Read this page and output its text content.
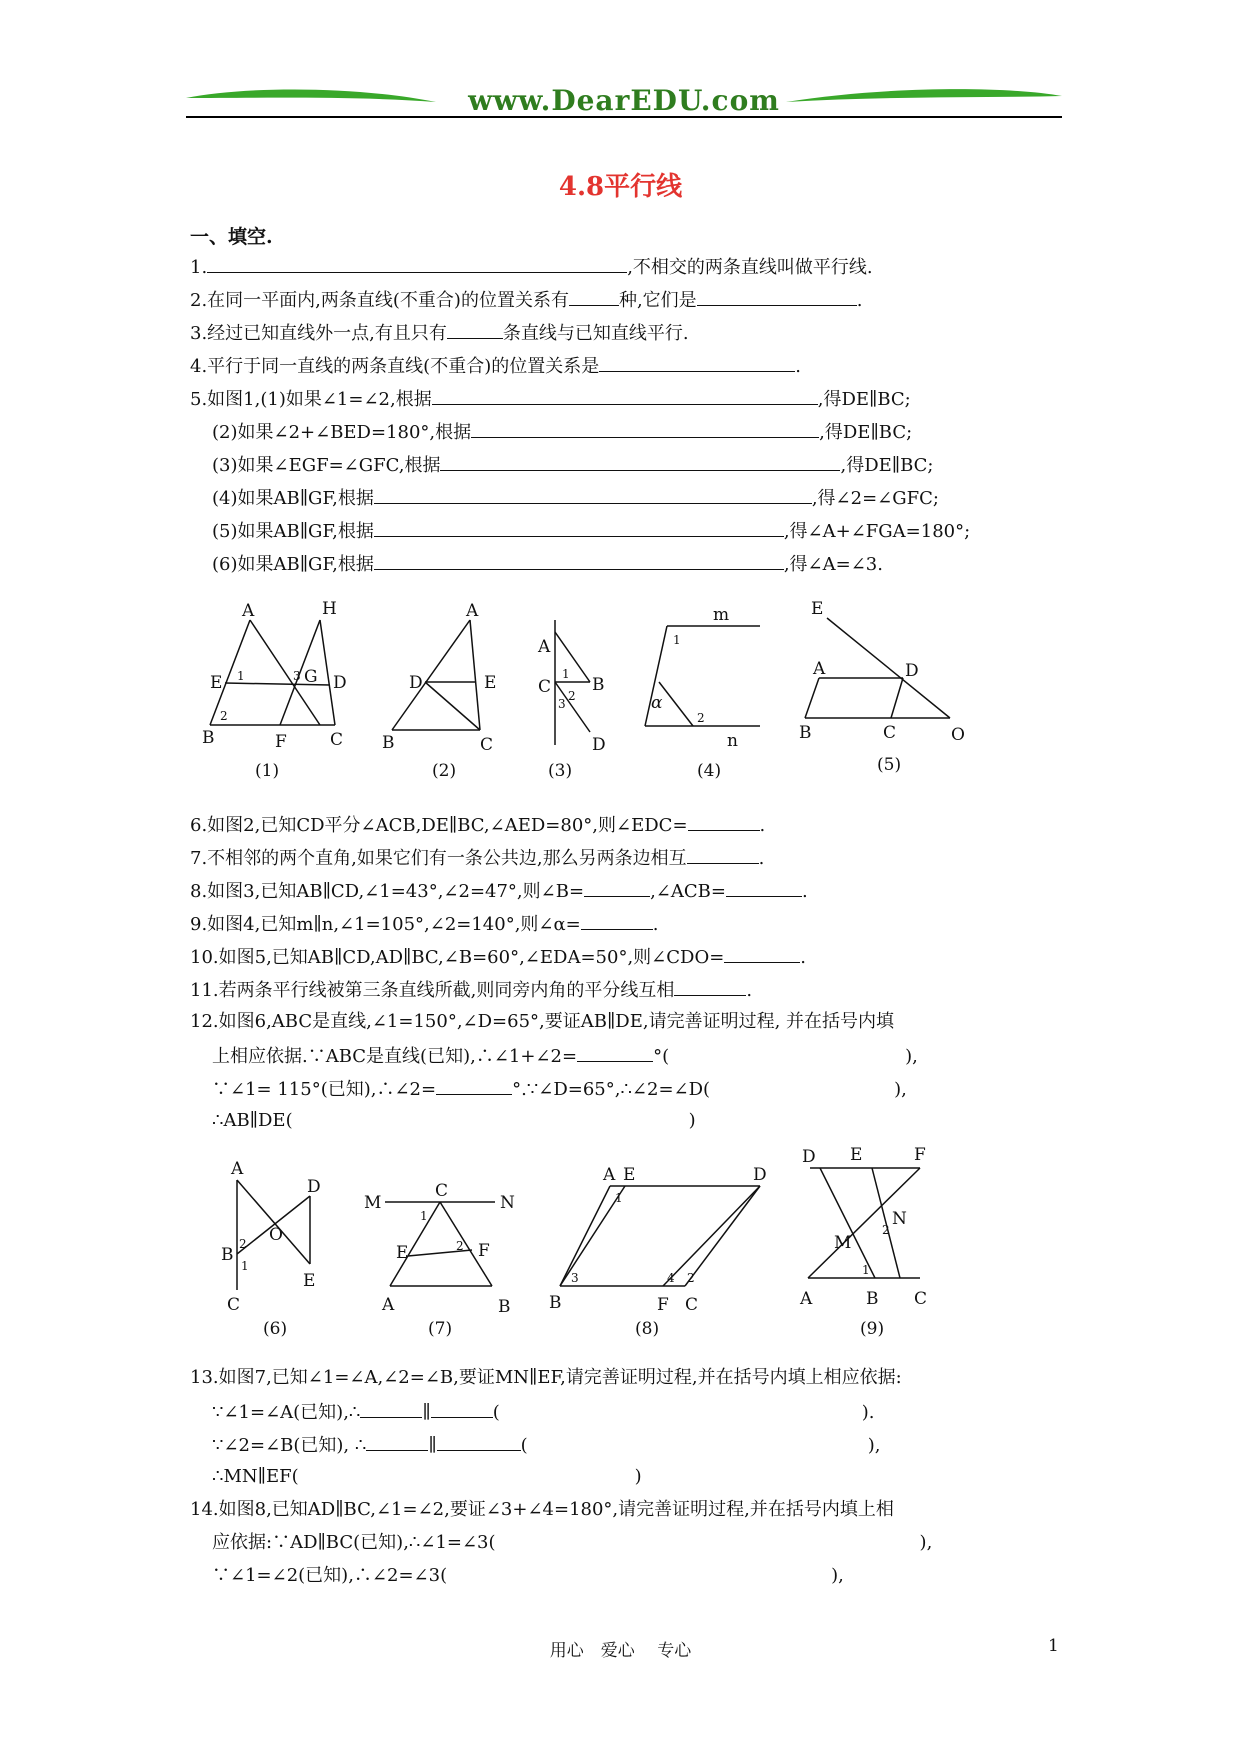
www.DearEDU.com
4.8平行线
一、填空.
1.	,不相交的两条直线叫做平行线.
2.在同一平面内,两条直线(不重合)的位置关系有	种,它们是	.
3.经过已知直线外一点,有且只有	条直线与已知直线平行.
4.平行于同一直线的两条直线(不重合)的位置关系是	.
5.如图1,(1)如果∠1=∠2,根据	,得DE∥BC;
(2)如果∠2+∠BED=180°,根据	,得DE∥BC;
(3)如果∠EGF=∠GFC,根据	,得DE∥BC;
(4)如果AB∥GF,根据	,得∠2=∠GFC;
(5)如果AB∥GF,根据	,得∠A+∠FGA=180°;
(6)如果AB∥GF,根据	,得∠A=∠3.
A	H
E	G D
B	F	C
1
2
3
(1)
A
D	E
B	C
(2)
A
B
C
D
1
2
3
(3)
m
n
α
1
2
(4)
E
A	D
B	C	O
(5)
6.如图2,已知CD平分∠ACB,DE∥BC,∠AED=80°,则∠EDC=	.
7.不相邻的两个直角,如果它们有一条公共边,那么另两条边相互	.
8.如图3,已知AB∥CD,∠1=43°,∠2=47°,则∠B=	,∠ACB=	.
9.如图4,已知m∥n,∠1=105°,∠2=140°,则∠α=	.
10.如图5,已知AB∥CD,AD∥BC,∠B=60°,∠EDA=50°,则∠CDO=	.
11.若两条平行线被第三条直线所截,则同旁内角的平分线互相	.
12.如图6,ABC是直线,∠1=150°,∠D=65°,要证AB∥DE,请完善证明过程, 并在括号内填
上相应依据.∵ABC是直线(已知),∴∠1+∠2=	°(	),
∵∠1= 115°(已知),∴∠2=	°.∵∠D=65°,∴∠2=∠D(	),
∴AB∥DE(	)
A
D
O
B
E
C
1
2
(6)
M
C
N
E	F
A	B
1
2
(7)
A E	D
B	F C
1
2
3	4
(8)
D E	F
N
M
A	B C
1
2
(9)
13.如图7,已知∠1=∠A,∠2=∠B,要证MN∥EF,请完善证明过程,并在括号内填上相应依据:
∵∠1=∠A(已知),∴	∥	(	).
∵∠2=∠B(已知), ∴	∥	(	),
∴MN∥EF(	)
14.如图8,已知AD∥BC,∠1=∠2,要证∠3+∠4=180°,请完善证明过程,并在括号内填上相
应依据:∵AD∥BC(已知),∴∠1=∠3(	),
∵∠1=∠2(已知),∴∠2=∠3(	),
用心　爱心　 专心	1
